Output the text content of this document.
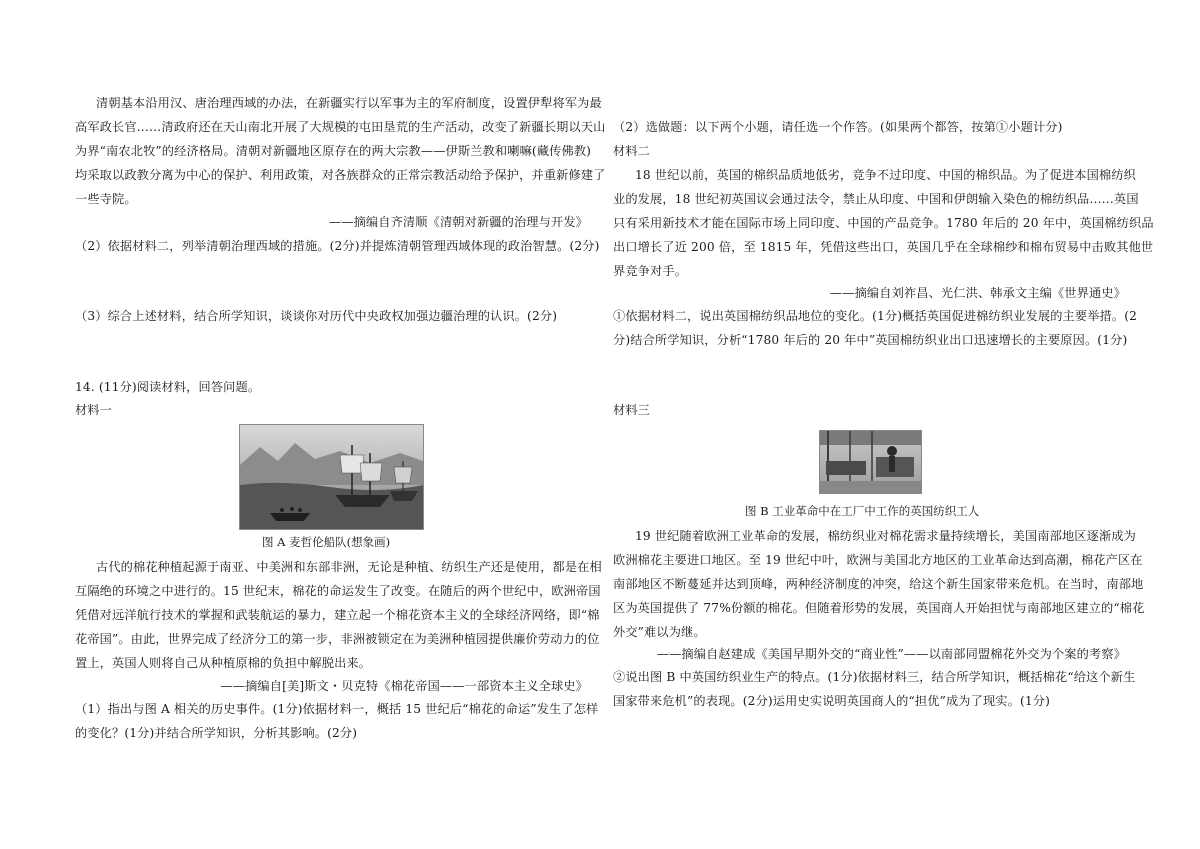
清朝基本沿用汉、唐治理西域的办法，在新疆实行以军事为主的军府制度，设置伊犁将军为最
高军政长官……清政府还在天山南北开展了大规模的屯田垦荒的生产活动，改变了新疆长期以天山
为界“南农北牧”的经济格局。清朝对新疆地区原存在的两大宗教——伊斯兰教和喇嘛(藏传佛教)
均采取以政教分离为中心的保护、利用政策，对各族群众的正常宗教活动给予保护，并重新修建了
一些寺院。
——摘编自齐清顺《清朝对新疆的治理与开发》
（2）依据材料二，列举清朝治理西域的措施。(2分)并提炼清朝管理西域体现的政治智慧。(2分)
（3）综合上述材料，结合所学知识，谈谈你对历代中央政权加强边疆治理的认识。(2分)
14. (11分)阅读材料，回答问题。
材料一
图 A 麦哲伦船队(想象画)
古代的棉花种植起源于南亚、中美洲和东部非洲，无论是种植、纺织生产还是使用，都是在相
互隔绝的环境之中进行的。15 世纪末，棉花的命运发生了改变。在随后的两个世纪中，欧洲帝国
凭借对远洋航行技术的掌握和武装航运的暴力，建立起一个棉花资本主义的全球经济网络，即“棉
花帝国”。由此，世界完成了经济分工的第一步，非洲被锁定在为美洲种植园提供廉价劳动力的位
置上，英国人则将自己从种植原棉的负担中解脱出来。
——摘编自[美]斯文・贝克特《棉花帝国——一部资本主义全球史》
（1）指出与图 A 相关的历史事件。(1分)依据材料一，概括 15 世纪后“棉花的命运”发生了怎样
的变化？(1分)并结合所学知识，分析其影响。(2分)
（2）选做题：以下两个小题，请任选一个作答。(如果两个都答，按第①小题计分)
材料二
18 世纪以前，英国的棉织品质地低劣，竞争不过印度、中国的棉织品。为了促进本国棉纺织
业的发展，18 世纪初英国议会通过法令，禁止从印度、中国和伊朗输入染色的棉纺织品……英国
只有采用新技术才能在国际市场上同印度、中国的产品竞争。1780 年后的 20 年中，英国棉纺织品
出口增长了近 200 倍，至 1815 年，凭借这些出口，英国几乎在全球棉纱和棉布贸易中击败其他世
界竞争对手。
——摘编自刘祚昌、光仁洪、韩承文主编《世界通史》
①依据材料二，说出英国棉纺织品地位的变化。(1分)概括英国促进棉纺织业发展的主要举措。(2
分)结合所学知识，分析“1780 年后的 20 年中”英国棉纺织业出口迅速增长的主要原因。(1分)
材料三
图 B 工业革命中在工厂中工作的英国纺织工人
19 世纪随着欧洲工业革命的发展，棉纺织业对棉花需求量持续增长，美国南部地区逐渐成为
欧洲棉花主要进口地区。至 19 世纪中叶，欧洲与美国北方地区的工业革命达到高潮，棉花产区在
南部地区不断蔓延并达到顶峰，两种经济制度的冲突，给这个新生国家带来危机。在当时，南部地
区为英国提供了 77%份额的棉花。但随着形势的发展，英国商人开始担忧与南部地区建立的“棉花
外交”难以为继。
——摘编自赵建成《美国早期外交的“商业性”——以南部同盟棉花外交为个案的考察》
②说出图 B 中英国纺织业生产的特点。(1分)依据材料三，结合所学知识，概括棉花“给这个新生
国家带来危机”的表现。(2分)运用史实说明英国商人的“担优”成为了现实。(1分)
